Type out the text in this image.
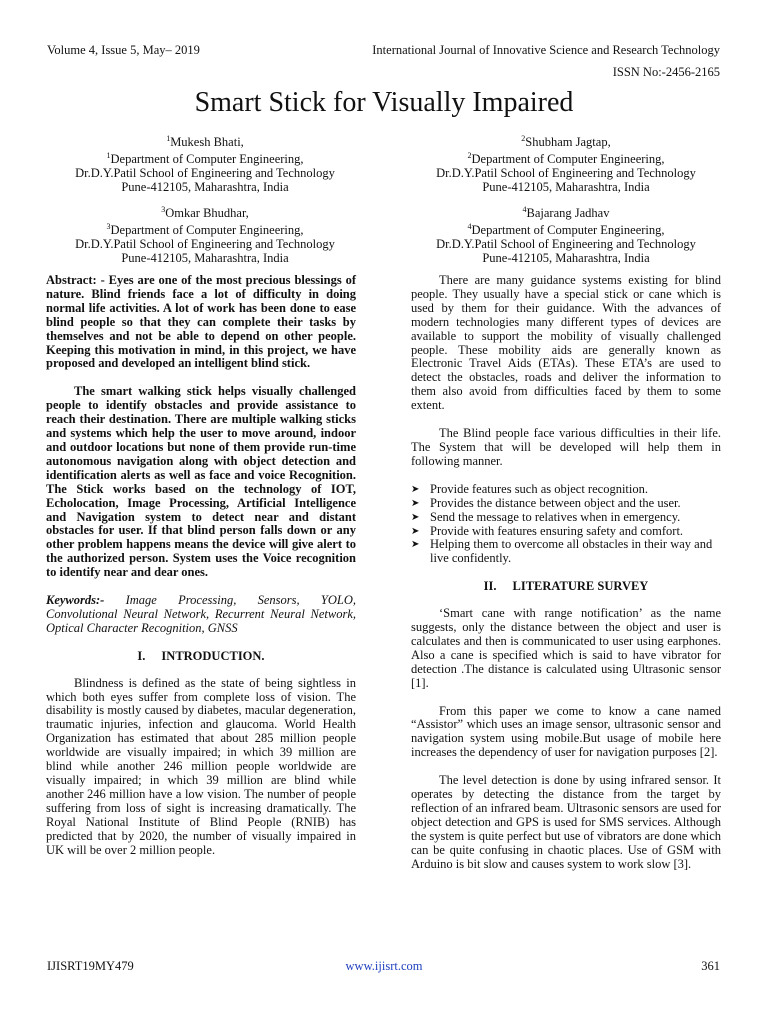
Volume 4, Issue 5, May– 2019	International Journal of Innovative Science and Research Technology
ISSN No:-2456-2165
Smart Stick for Visually Impaired
$^1$Mukesh Bhati,
$^1$Department of Computer Engineering,
Dr.D.Y.Patil School of Engineering and Technology
Pune-412105, Maharashtra, India
$^2$Shubham Jagtap,
$^2$Department of Computer Engineering,
Dr.D.Y.Patil School of Engineering and Technology
Pune-412105, Maharashtra, India
$^3$Omkar Bhudhar,
$^3$Department of Computer Engineering,
Dr.D.Y.Patil School of Engineering and Technology
Pune-412105, Maharashtra, India
$^4$Bajarang Jadhav
$^4$Department of Computer Engineering,
Dr.D.Y.Patil School of Engineering and Technology
Pune-412105, Maharashtra, India

Abstract: - Eyes are one of the most precious blessings of nature. Blind friends face a lot of difficulty in doing normal life activities. A lot of work has been done to ease blind people so that they can complete their tasks by themselves and not be able to depend on other people. Keeping this motivation in mind, in this project, we have proposed and developed an intelligent blind stick.

The smart walking stick helps visually challenged people to identify obstacles and provide assistance to reach their destination. There are multiple walking sticks and systems which help the user to move around, indoor and outdoor locations but none of them provide run-time autonomous navigation along with object detection and identification alerts as well as face and voice Recognition. The Stick works based on the technology of IOT, Echolocation, Image Processing, Artificial Intelligence and Navigation system to detect near and distant obstacles for user. If that blind person falls down or any other problem happens means the device will give alert to the authorized person. System uses the Voice recognition to identify near and dear ones.

Keywords:- Image Processing, Sensors, YOLO, Convolutional Neural Network, Recurrent Neural Network, Optical Character Recognition, GNSS

I. INTRODUCTION.

Blindness is defined as the state of being sightless in which both eyes suffer from complete loss of vision. The disability is mostly caused by diabetes, macular degeneration, traumatic injuries, infection and glaucoma. World Health Organization has estimated that about 285 million people worldwide are visually impaired; in which 39 million are blind while another 246 million people worldwide are visually impaired; in which 39 million are blind while another 246 million have a low vision. The number of people suffering from loss of sight is increasing dramatically. The Royal National Institute of Blind People (RNIB) has predicted that by 2020, the number of visually impaired in UK will be over 2 million people.

There are many guidance systems existing for blind people. They usually have a special stick or cane which is used by them for their guidance. With the advances of modern technologies many different types of devices are available to support the mobility of visually challenged people. These mobility aids are generally known as Electronic Travel Aids (ETAs). These ETA’s are used to detect the obstacles, roads and deliver the information to them also avoid from difficulties faced by them to some extent.

The Blind people face various difficulties in their life. The System that will be developed will help them in following manner.

➤ Provide features such as object recognition.
➤ Provides the distance between object and the user.
➤ Send the message to relatives when in emergency.
➤ Provide with features ensuring safety and comfort.
➤ Helping them to overcome all obstacles in their way and live confidently.
II. LITERATURE SURVEY

‘Smart cane with range notification’ as the name suggests, only the distance between the object and user is calculates and then is communicated to user using earphones. Also a cane is specified which is said to have vibrator for detection .The distance is calculated using Ultrasonic sensor [1].

From this paper we come to know a cane named “Assistor” which uses an image sensor, ultrasonic sensor and navigation system using mobile.But usage of mobile here increases the dependency of user for navigation purposes [2].

The level detection is done by using infrared sensor. It operates by detecting the distance from the target by reflection of an infrared beam. Ultrasonic sensors are used for object detection and GPS is used for SMS services. Although the system is quite perfect but use of vibrators are done which can be quite confusing in chaotic places. Use of GSM with Arduino is bit slow and causes system to work slow [3].

IJISRT19MY479	www.ijisrt.com	361
